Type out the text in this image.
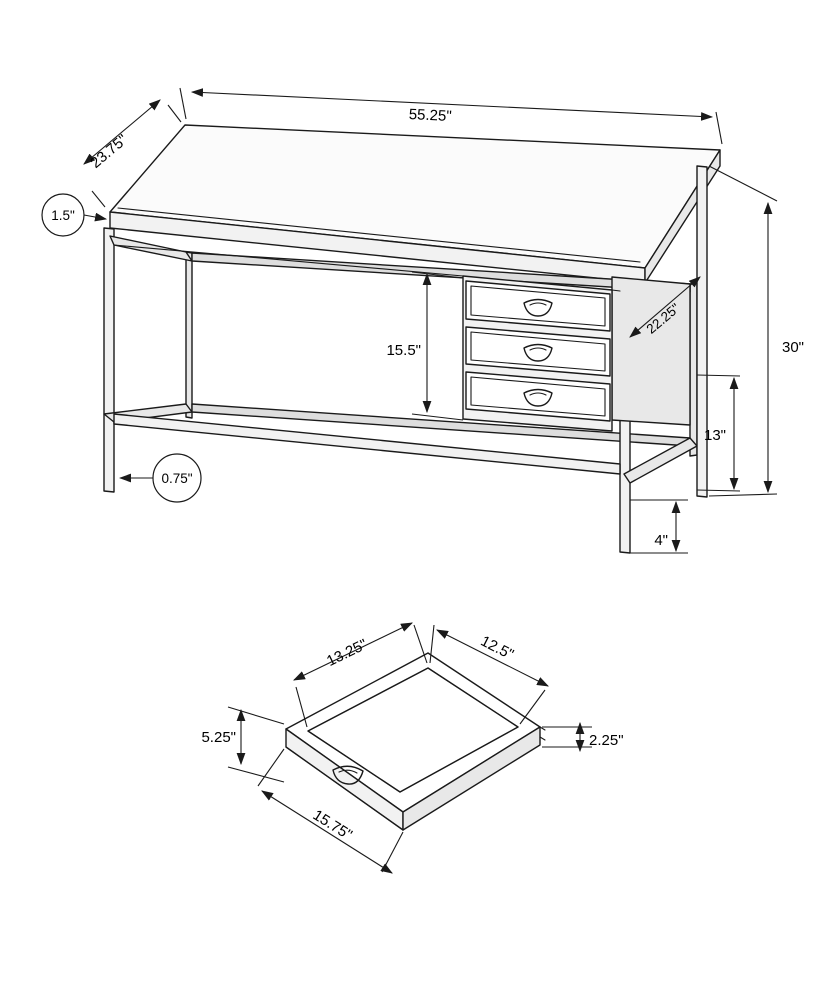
55.25"
23.75"
1.5"
30"
13"
4"
15.5"
22.25"
0.75"
13.25"	12.5"
5.25"	2.25"
15.75"
